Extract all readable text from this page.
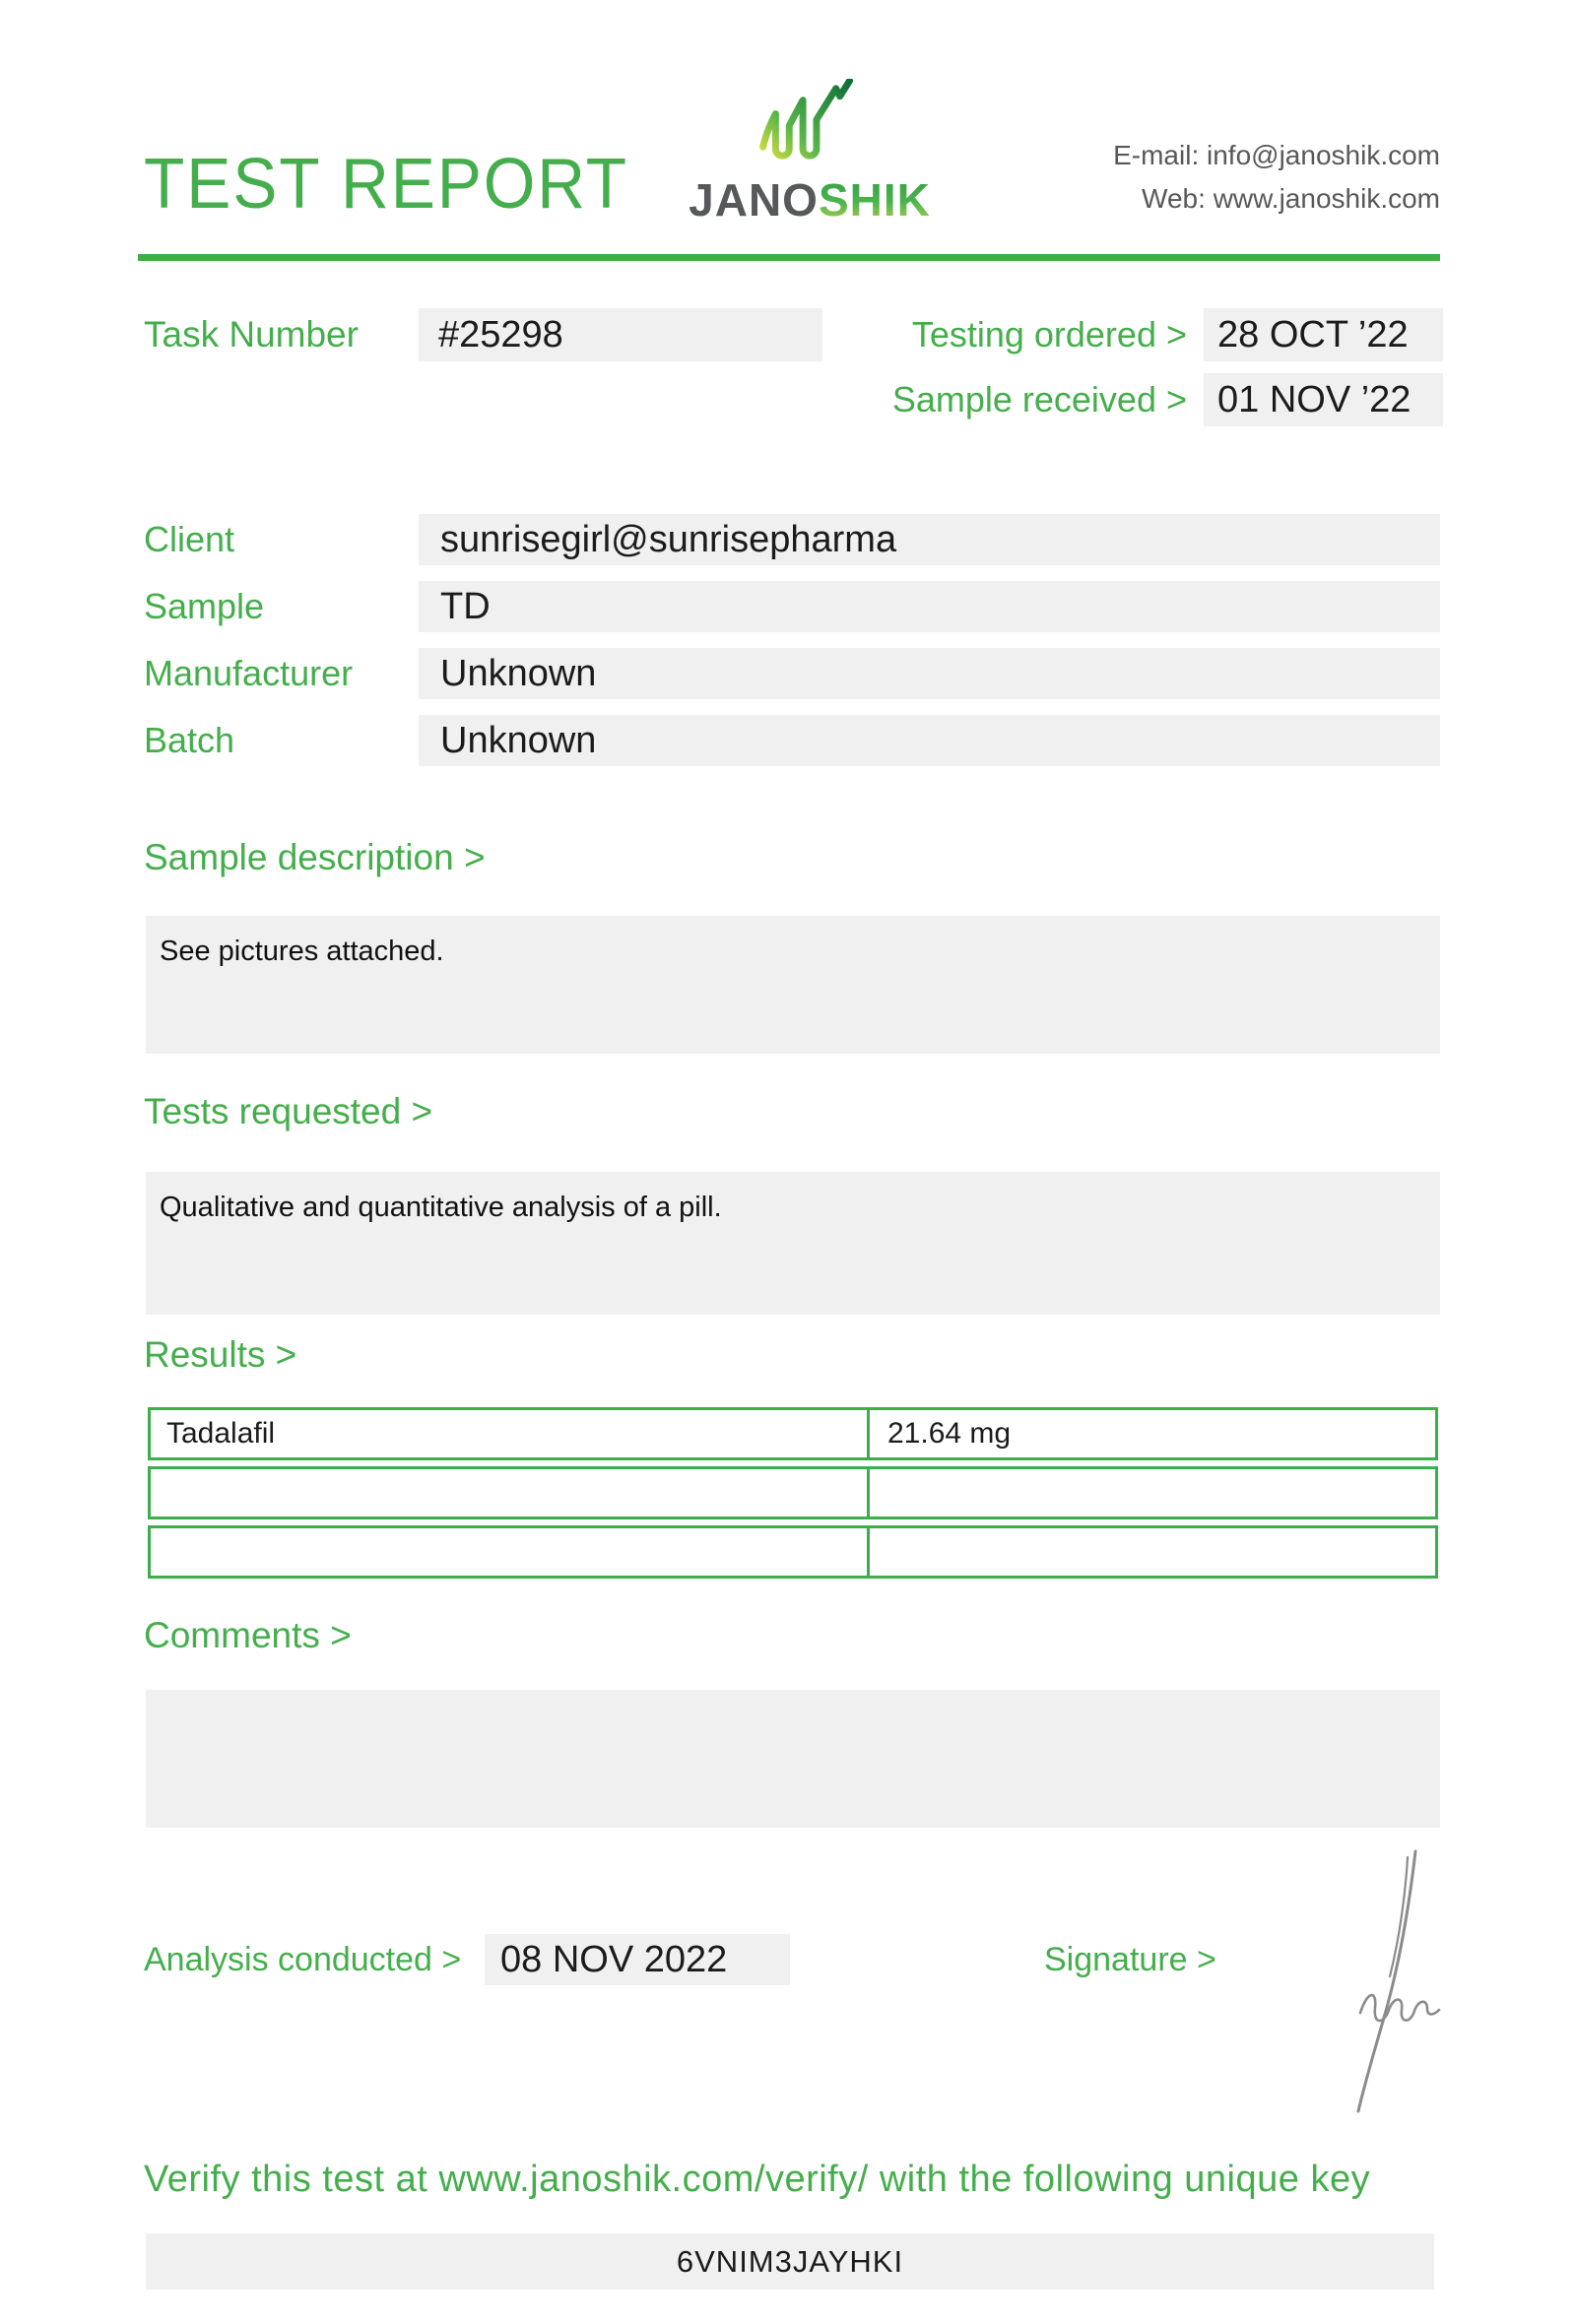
TEST REPORT JANOSHIK
E-mail: info@janoshik.com
Web: www.janoshik.com
Task Number #25298	Testing ordered > 28 OCT ’22
Sample received > 01 NOV ’22
Client	sunrisegirl@sunrisepharma
Sample	TD
Manufacturer Unknown
Batch	Unknown
Sample description >
See pictures attached.
Tests requested >
Qualitative and quantitative analysis of a pill.
Results >
Tadalafil	21.64 mg
Comments >
Analysis conducted > 08 NOV 2022	Signature >
Verify this test at www.janoshik.com/verify/ with the following unique key
6VNIM3JAYHKI
